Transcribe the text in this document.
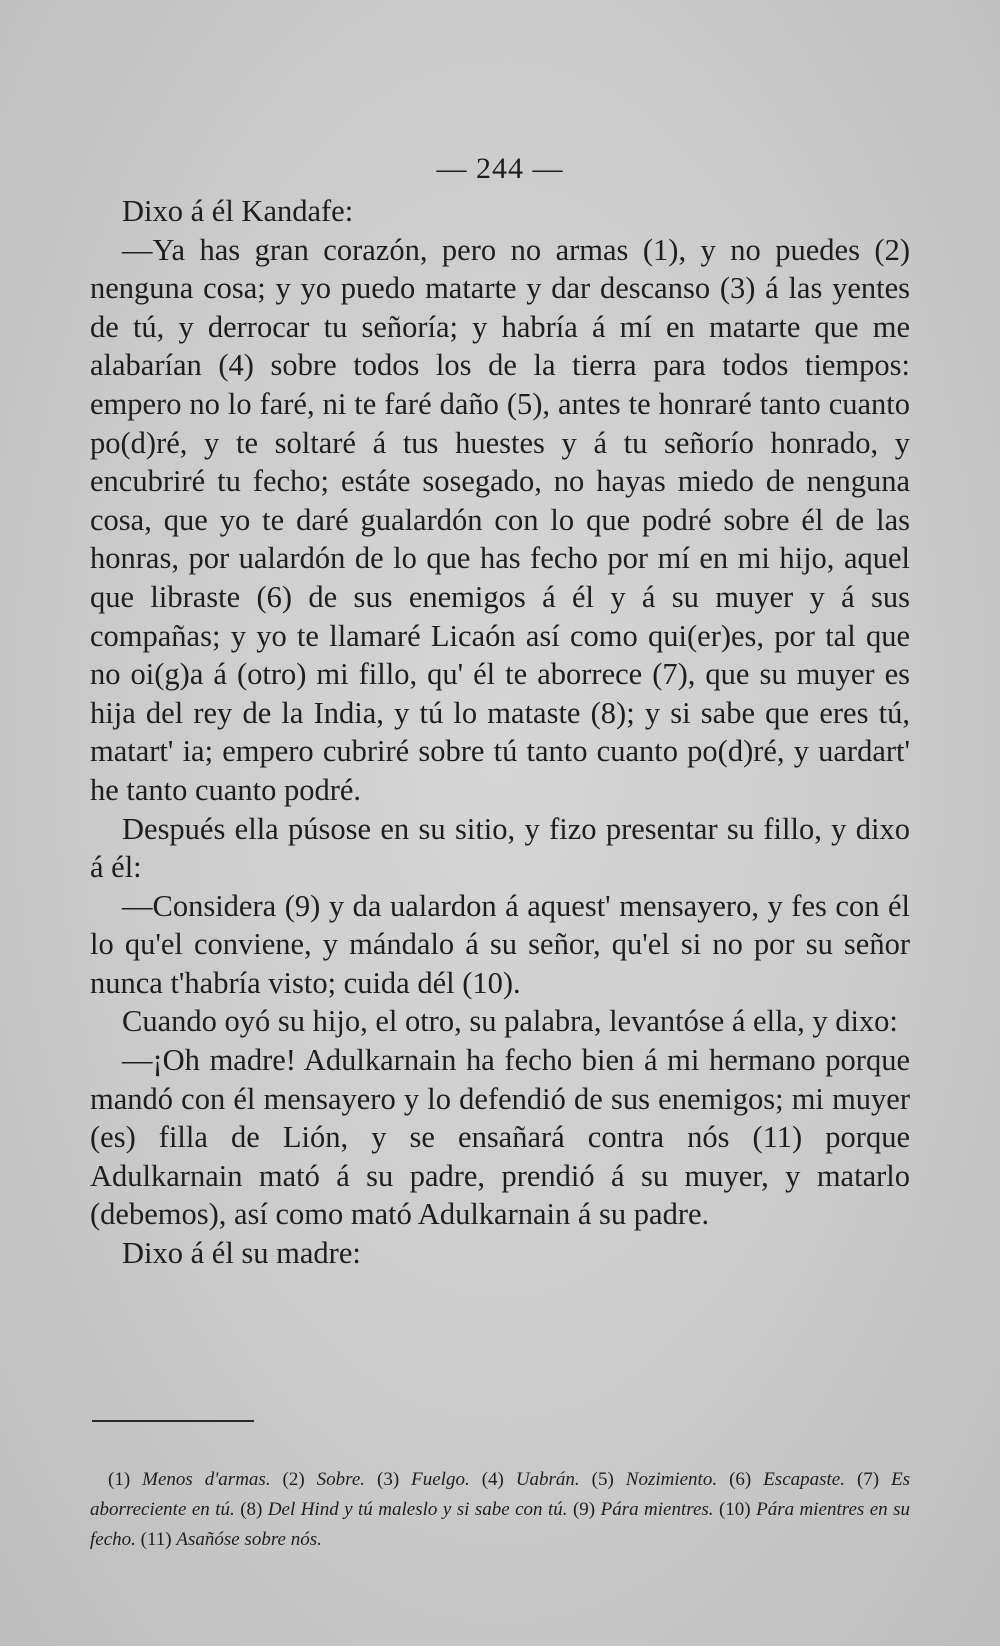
— 244 —

Dixo á él Kandafe:

—Ya has gran corazón, pero no armas (1), y no puedes (2) nenguna cosa; y yo puedo matarte y dar descanso (3) á las yentes de tú, y derrocar tu señoría; y habría á mí en matarte que me alabarían (4) sobre todos los de la tierra para todos tiempos: empero no lo faré, ni te faré daño (5), antes te honraré tanto cuanto po(d)ré, y te soltaré á tus huestes y á tu señorío honrado, y encubriré tu fecho; estáte sosegado, no hayas miedo de nenguna cosa, que yo te daré gualardón con lo que podré sobre él de las honras, por ualardón de lo que has fecho por mí en mi hijo, aquel que libraste (6) de sus enemigos á él y á su muyer y á sus compañas; y yo te llamaré Licaón así como qui(er)es, por tal que no oi(g)a á (otro) mi fillo, qu' él te aborrece (7), que su muyer es hija del rey de la India, y tú lo mataste (8); y si sabe que eres tú, matart' ia; empero cubriré sobre tú tanto cuanto po(d)ré, y uardart' he tanto cuanto podré.

Después ella púsose en su sitio, y fizo presentar su fillo, y dixo á él:

—Considera (9) y da ualardon á aquest' mensayero, y fes con él lo qu'el conviene, y mándalo á su señor, qu'el si no por su señor nunca t'habría visto; cuida dél (10).

Cuando oyó su hijo, el otro, su palabra, levantóse á ella, y dixo:

—¡Oh madre! Adulkarnain ha fecho bien á mi hermano porque mandó con él mensayero y lo defendió de sus enemigos; mi muyer (es) filla de Lión, y se ensañará contra nós (11) porque Adulkarnain mató á su padre, prendió á su muyer, y matarlo (debemos), así como mató Adulkarnain á su padre.

Dixo á él su madre:

(1) Menos d'armas. (2) Sobre. (3) Fuelgo. (4) Uabrán. (5) Nozimiento. (6) Escapaste. (7) Es aborreciente en tú. (8) Del Hind y tú maleslo y si sabe con tú. (9) Pára mientres. (10) Pára mientres en su fecho. (11) Asañóse sobre nós.
